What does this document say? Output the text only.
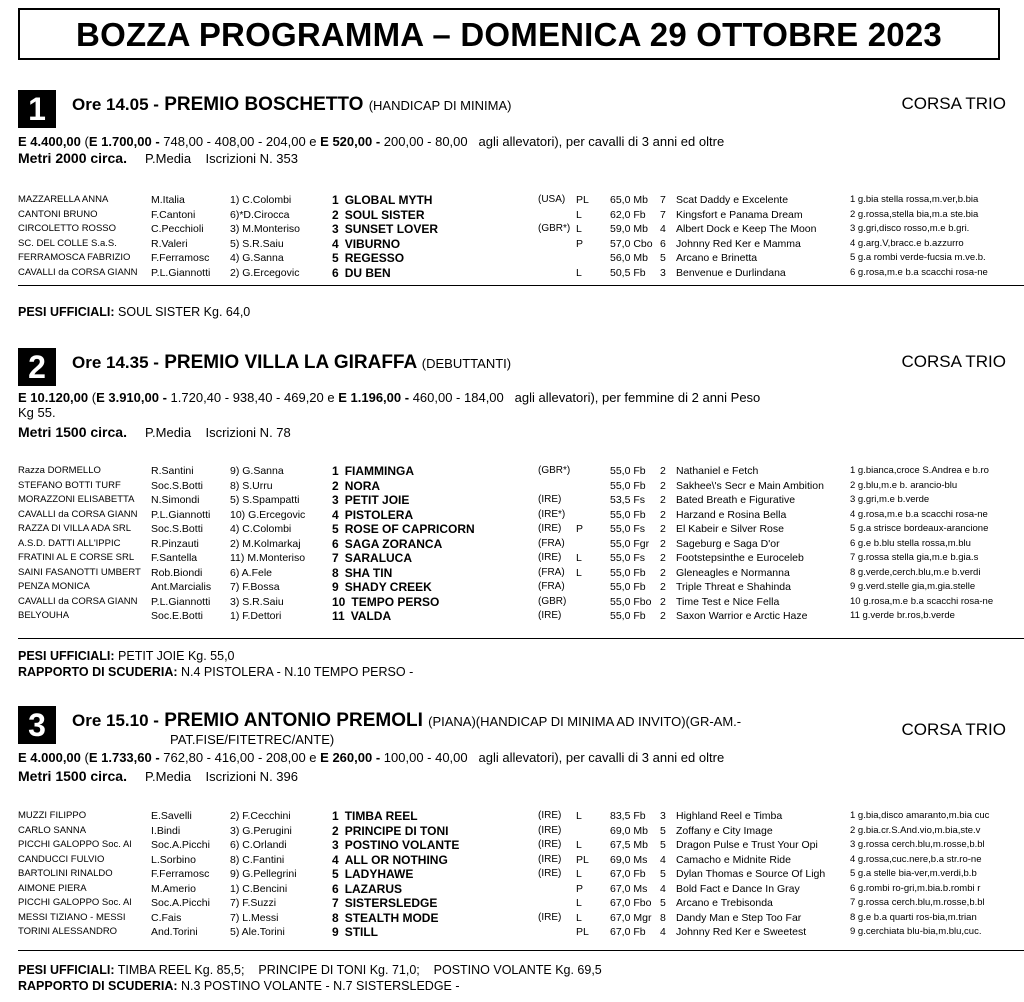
BOZZA PROGRAMMA – DOMENICA 29 OTTOBRE 2023
1	Ore 14.05 - PREMIO BOSCHETTO (HANDICAP DI MINIMA)	CORSA TRIO
E 4.400,00 (E 1.700,00 - 748,00 - 408,00 - 204,00 e E 520,00 - 200,00 - 80,00 agli allevatori), per cavalli di 3 anni ed oltre
Metri 2000 circa. P.Media Iscrizioni N. 353
MAZZARELLA ANNA	M.Italia	1) C.Colombi	1 GLOBAL MYTH	(USA)	PL	65,0 Mb	7 Scat Daddy e Excelente	1 g.bia stella rossa,m.ver,b.bia
CANTONI BRUNO	F.Cantoni	6)*D.Cirocca	2 SOUL SISTER	L	62,0 Fb	7 Kingsfort e Panama Dream	2 g.rossa,stella bia,m.a ste.bia
CIRCOLETTO ROSSO	C.Pecchioli	3) M.Monteriso	3 SUNSET LOVER	(GBR*) L	59,0 Mb	4 Albert Dock e Keep The Moon	3 g.gri,disco rosso,m.e b.gri.
SC. DEL COLLE S.a.S.	R.Valeri	5) S.R.Saiu	4 VIBURNO	P	57,0 Cbo 6 Johnny Red Ker e Mamma	4 g.arg.V,bracc.e b.azzurro
FERRAMOSCA FABRIZIO	F.Ferramosc	4) G.Sanna	5 REGESSO	56,0 Mb	5 Arcano e Brinetta	5 g.a rombi verde-fucsia m.ve.b.
CAVALLI da CORSA GIANN	P.L.Giannotti	2) G.Ercegovic	6 DU BEN	L	50,5 Fb	3 Benvenue e Durlindana	6 g.rosa,m.e b.a scacchi rosa-ne
PESI UFFICIALI: SOUL SISTER Kg. 64,0
2	Ore 14.35 - PREMIO VILLA LA GIRAFFA (DEBUTTANTI)	CORSA TRIO
E 10.120,00 (E 3.910,00 - 1.720,40 - 938,40 - 469,20 e E 1.196,00 - 460,00 - 184,00 agli allevatori), per femmine di 2 anni Peso
Kg 55.
Metri 1500 circa. P.Media Iscrizioni N. 78
Razza DORMELLO	R.Santini	9) G.Sanna	1 FIAMMINGA	(GBR*)	55,0 Fb	2 Nathaniel e Fetch	1 g.bianca,croce S.Andrea e b.ro
STEFANO BOTTI TURF	Soc.S.Botti	8) S.Urru	2 NORA	55,0 Fb	2 Sakhee\'s Secr e Main Ambition	2 g.blu,m.e b. arancio-blu
MORAZZONI ELISABETTA	N.Simondi	5) S.Spampatti	3 PETIT JOIE	(IRE)	53,5 Fs	2 Bated Breath e Figurative	3 g.gri,m.e b.verde
CAVALLI da CORSA GIANN	P.L.Giannotti	10) G.Ercegovic	4 PISTOLERA	(IRE*)	55,0 Fb	2 Harzand e Rosina Bella	4 g.rosa,m.e b.a scacchi rosa-ne
RAZZA DI VILLA ADA SRL	Soc.S.Botti	4) C.Colombi	5 ROSE OF CAPRICORN	(IRE)	P	55,0 Fs	2 El Kabeir e Silver Rose	5 g.a strisce bordeaux-arancione
A.S.D. DATTI ALL'IPPIC	R.Pinzauti	2) M.Kolmarkaj	6 SAGA ZORANCA	(FRA)	55,0 Fgr	2 Sageburg e Saga D'or	6 g.e b.blu stella rossa,m.blu
FRATINI AL E CORSE SRL	F.Santella	11) M.Monteriso	7 SARALUCA	(IRE)	L	55,0 Fs	2 Footstepsinthe e Euroceleb	7 g.rossa stella gia,m.e b.gia.s
SAINI FASANOTTI UMBERT Rob.Biondi	6) A.Fele	8 SHA TIN	(FRA)	L	55,0 Fb	2 Gleneagles e Normanna	8 g.verde,cerch.blu,m.e b.verdi
PENZA MONICA	Ant.Marcialis	7) F.Bossa	9 SHADY CREEK	(FRA)	55,0 Fb	2 Triple Threat e Shahinda	9 g.verd.stelle gia,m.gia.stelle
CAVALLI da CORSA GIANN	P.L.Giannotti	3) S.R.Saiu	10 TEMPO PERSO	(GBR)	55,0 Fbo 2 Time Test e Nice Fella	10 g.rosa,m.e b.a scacchi rosa-ne
BELYOUHA	Soc.E.Botti	1) F.Dettori	11 VALDA	(IRE)	55,0 Fb	2 Saxon Warrior e Arctic Haze	11 g.verde br.ros,b.verde
PESI UFFICIALI: PETIT JOIE Kg. 55,0
RAPPORTO DI SCUDERIA: N.4 PISTOLERA - N.10 TEMPO PERSO -
3	Ore 15.10 - PREMIO ANTONIO PREMOLI (PIANA)(HANDICAP DI MINIMA AD INVITO)(GR-AM.-
PAT.FISE/FITETREC/ANTE)
CORSA TRIO
E 4.000,00 (E 1.733,60 - 762,80 - 416,00 - 208,00 e E 260,00 - 100,00 - 40,00 agli allevatori), per cavalli di 3 anni ed oltre
Metri 1500 circa. P.Media Iscrizioni N. 396
MUZZI FILIPPO	E.Savelli	2) F.Cecchini	1 TIMBA REEL	(IRE)	L	83,5 Fb	3 Highland Reel e Timba	1 g.bia,disco amaranto,m.bia cuc
CARLO SANNA	I.Bindi	3) G.Perugini	2 PRINCIPE DI TONI	(IRE)	69,0 Mb	5 Zoffany e City Image	2 g.bia.cr.S.And.vio,m.bia,ste.v
PICCHI GALOPPO Soc. Al	Soc.A.Picchi	6) C.Orlandi	3 POSTINO VOLANTE	(IRE)	L	67,5 Mb	5 Dragon Pulse e Trust Your Opi	3 g.rossa cerch.blu,m.rosse,b.bl
CANDUCCI FULVIO	L.Sorbino	8) C.Fantini	4 ALL OR NOTHING	(IRE)	PL	69,0 Ms	4 Camacho e Midnite Ride	4 g.rossa,cuc.nere,b.a str.ro-ne
BARTOLINI RINALDO	F.Ferramosc	9) G.Pellegrini	5 LADYHAWE	(IRE)	L	67,0 Fb	5 Dylan Thomas e Source Of Ligh	5 g.a stelle bia-ver,m.verdi,b.b
AIMONE PIERA	M.Amerio	1) C.Bencini	6 LAZARUS	P	67,0 Ms	4 Bold Fact e Dance In Gray	6 g.rombi ro-gri,m.bia.b.rombi r
PICCHI GALOPPO Soc. Al	Soc.A.Picchi	7) F.Suzzi	7 SISTERSLEDGE	L	67,0 Fbo 5 Arcano e Trebisonda	7 g.rossa cerch.blu,m.rosse,b.bl
MESSI TIZIANO - MESSI	C.Fais	7) L.Messi	8 STEALTH MODE	(IRE)	L	67,0 Mgr 8 Dandy Man e Step Too Far	8 g.e b.a quarti ros-bia,m.trian
TORINI ALESSANDRO	And.Torini	5) Ale.Torini	9 STILL	PL	67,0 Fb	4 Johnny Red Ker e Sweetest	9 g.cerchiata blu-bia,m.blu,cuc.
PESI UFFICIALI: TIMBA REEL Kg. 85,5;    PRINCIPE DI TONI Kg. 71,0;    POSTINO VOLANTE Kg. 69,5
RAPPORTO DI SCUDERIA: N.3 POSTINO VOLANTE - N.7 SISTERSLEDGE -
